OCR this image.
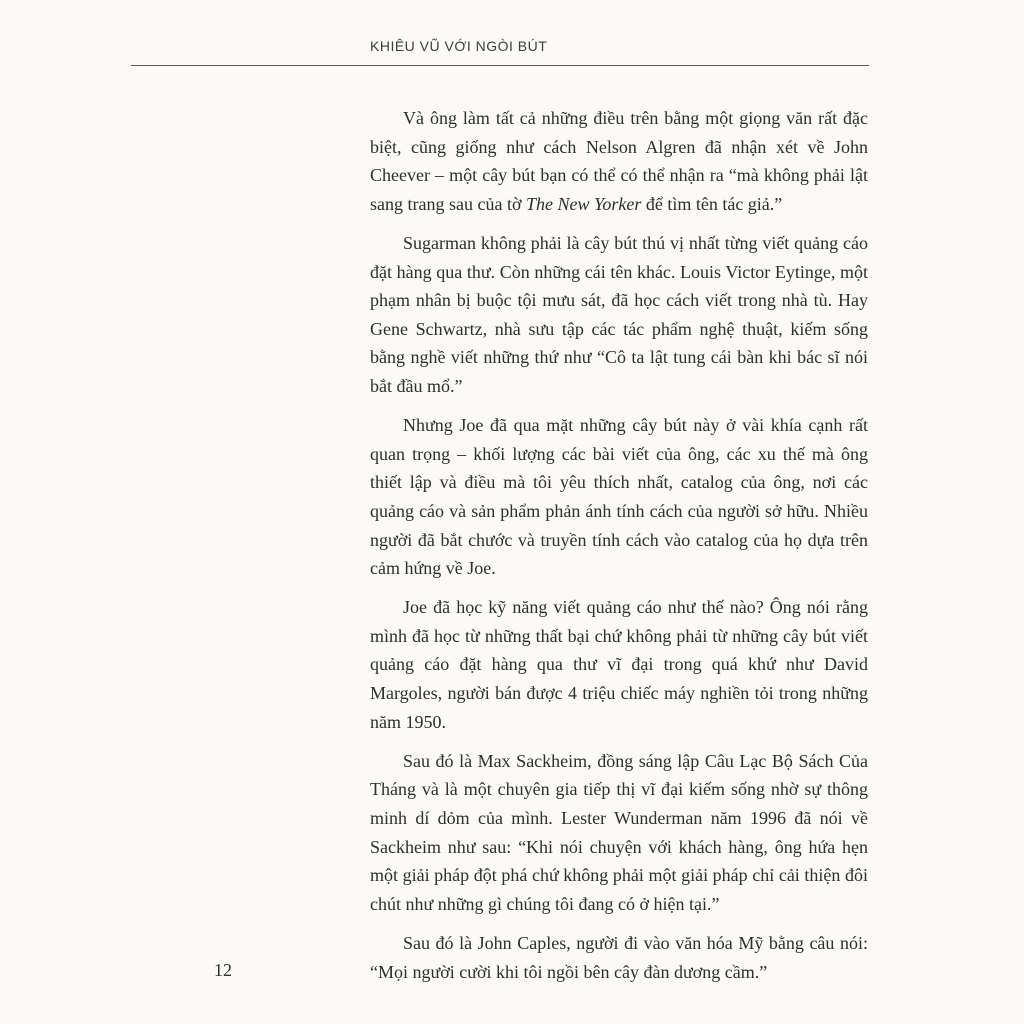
KHIÊU VŨ VỚI NGÒI BÚT

Và ông làm tất cả những điều trên bằng một giọng văn rất đặc biệt, cũng giống như cách Nelson Algren đã nhận xét về John Cheever – một cây bút bạn có thể có thể nhận ra “mà không phải lật sang trang sau của tờ The New Yorker để tìm tên tác giả.”

Sugarman không phải là cây bút thú vị nhất từng viết quảng cáo đặt hàng qua thư. Còn những cái tên khác. Louis Victor Eytinge, một phạm nhân bị buộc tội mưu sát, đã học cách viết trong nhà tù. Hay Gene Schwartz, nhà sưu tập các tác phẩm nghệ thuật, kiếm sống bằng nghề viết những thứ như “Cô ta lật tung cái bàn khi bác sĩ nói bắt đầu mổ.”

Nhưng Joe đã qua mặt những cây bút này ở vài khía cạnh rất quan trọng – khối lượng các bài viết của ông, các xu thế mà ông thiết lập và điều mà tôi yêu thích nhất, catalog của ông, nơi các quảng cáo và sản phẩm phản ánh tính cách của người sở hữu. Nhiều người đã bắt chước và truyền tính cách vào catalog của họ dựa trên cảm hứng về Joe.

Joe đã học kỹ năng viết quảng cáo như thế nào? Ông nói rằng mình đã học từ những thất bại chứ không phải từ những cây bút viết quảng cáo đặt hàng qua thư vĩ đại trong quá khứ như David Margoles, người bán được 4 triệu chiếc máy nghiền tỏi trong những năm 1950.

Sau đó là Max Sackheim, đồng sáng lập Câu Lạc Bộ Sách Của Tháng và là một chuyên gia tiếp thị vĩ đại kiếm sống nhờ sự thông minh dí dỏm của mình. Lester Wunderman năm 1996 đã nói về Sackheim như sau: “Khi nói chuyện với khách hàng, ông hứa hẹn một giải pháp đột phá chứ không phải một giải pháp chỉ cải thiện đôi chút như những gì chúng tôi đang có ở hiện tại.”

Sau đó là John Caples, người đi vào văn hóa Mỹ bằng câu nói: “Mọi người cười khi tôi ngồi bên cây đàn dương cầm.”

12
